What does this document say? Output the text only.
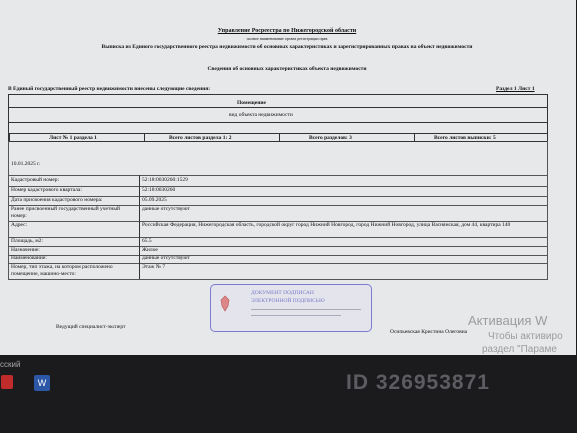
Управление Росреестра по Нижегородской области
полное наименование органа регистрации прав
Выписка из Единого государственного реестра недвижимости об основных характеристиках и зарегистрированных правах на объект недвижимости
Сведения об основных характеристиках объекта недвижимости
В Единый государственный реестр недвижимости внесены следующие сведения:	Раздел 1 Лист 1
Помещение
вид объекта недвижимости
Лист № 1 раздела 1	Всего листов раздела 1: 2	Всего разделов: 3	Всего листов выписки: 5
10.01.2025 г.
Кадастровый номер:	52:18:0030260:1529
Номер кадастрового квартала:	52:18:0030260
Дата присвоения кадастрового номера:	05.09.2025
Ранее присвоенный государственный учетный номер:
данные отсутствуют
Адрес:	Российская Федерация, Нижегородская область, городской округ город Нижний Новгород, город Нижний Новгород, улица Васнянская, дом 44, квартира 140
Площадь, м2:	65.5
Назначение:	Жилое
Наименование:	данные отсутствуют
Номер, тип этажа, на котором расположено помещение, машино-место:
Этаж № 7
ДОКУМЕНТ ПОДПИСАН
ЭЛЕКТРОННОЙ ПОДПИСЬЮ
Ведущий специалист-эксперт
Осипьевская Кристина Олеговна
Активация W
Чтобы активиро
раздел "Параме
сский
W	ID 326953871
